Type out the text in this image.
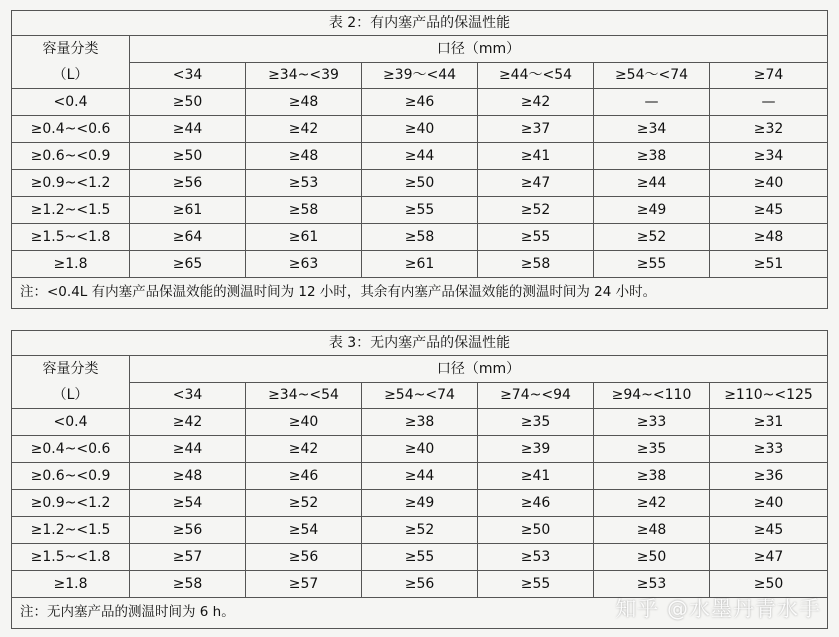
表 2：有内塞产品的保温性能						

容量分类
（L）	口径（mm）					
	<34	≥34~<39	≥39～<44	≥44～<54	≥54～<74	≥74
<0.4	≥50	≥48	≥46	≥42	—	—
≥0.4~<0.6	≥44	≥42	≥40	≥37	≥34	≥32
≥0.6~<0.9	≥50	≥48	≥44	≥41	≥38	≥34
≥0.9~<1.2	≥56	≥53	≥50	≥47	≥44	≥40
≥1.2~<1.5	≥61	≥58	≥55	≥52	≥49	≥45
≥1.5~<1.8	≥64	≥61	≥58	≥55	≥52	≥48
≥1.8	≥65	≥63	≥61	≥58	≥55	≥51
注：<0.4L 有内塞产品保温效能的测温时间为 12 小时，其余有内塞产品保温效能的测温时间为 24 小时。						
表 3：无内塞产品的保温性能						

容量分类
（L）	口径（mm）					
	<34	≥34~<54	≥54~<74	≥74~<94	≥94~<110	≥110~<125
<0.4	≥42	≥40	≥38	≥35	≥33	≥31
≥0.4~<0.6	≥44	≥42	≥40	≥39	≥35	≥33
≥0.6~<0.9	≥48	≥46	≥44	≥41	≥38	≥36
≥0.9~<1.2	≥54	≥52	≥49	≥46	≥42	≥40
≥1.2~<1.5	≥56	≥54	≥52	≥50	≥48	≥45
≥1.5~<1.8	≥57	≥56	≥55	≥53	≥50	≥47
≥1.8	≥58	≥57	≥56	≥55	≥53	≥50
注：无内塞产品的测温时间为 6 h。							知乎 @水墨丹青水手
